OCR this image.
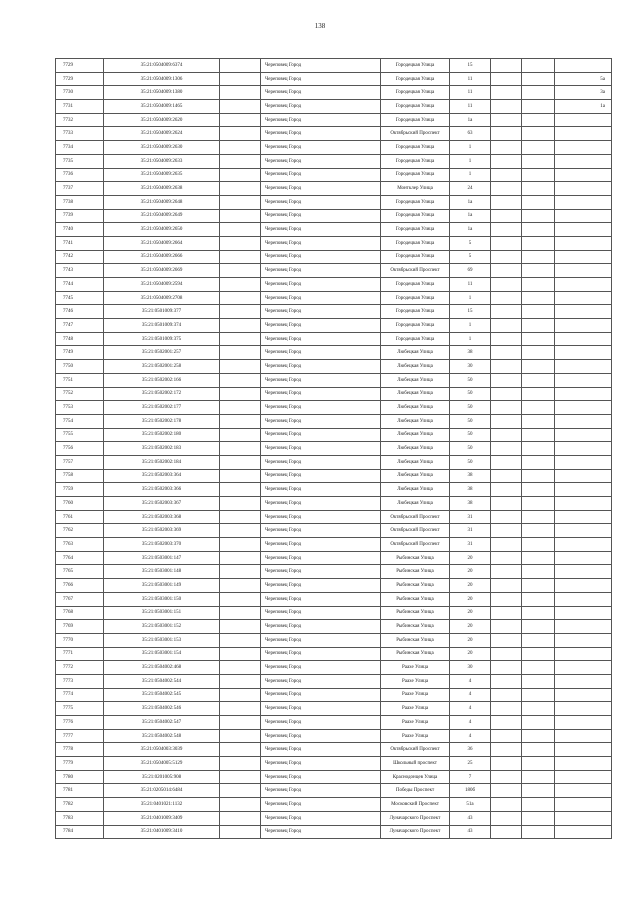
138
7729	35:21:0504009:6374		Череповец Город	Городецкая Улица	15			
7729	35:21:0504009:1306		Череповец Город	Городецкая Улица	11			5а
7730	35:21:0504009:1380		Череповец Город	Городецкая Улица	11			3а
7731	35:21:0504009:1465		Череповец Город	Городецкая Улица	11			1а
7732	35:21:0504009:2620		Череповец Город	Городецкая Улица	1а			
7733	35:21:0504009:2624		Череповец Город	Октябрьский Проспект	63			
7734	35:21:0504009:2630		Череповец Город	Городецкая Улица	1			
7735	35:21:0504009:2633		Череповец Город	Городецкая Улица	1			
7736	35:21:0504009:2635		Череповец Город	Городецкая Улица	1			
7737	35:21:0504009:2638		Череповец Город	Монтклер Улица	24			
7738	35:21:0504009:2648		Череповец Город	Городецкая Улица	1а			
7739	35:21:0504009:2649		Череповец Город	Городецкая Улица	1а			
7740	35:21:0504009:2650		Череповец Город	Городецкая Улица	1а			
7741	35:21:0504009:2664		Череповец Город	Городецкая Улица	5			
7742	35:21:0504009:2666		Череповец Город	Городецкая Улица	5			
7743	35:21:0504009:2669		Череповец Город	Октябрьский Проспект	69			
7744	35:21:0504009:2594		Череповец Город	Городецкая Улица	11			
7745	35:21:0504009:2708		Череповец Город	Городецкая Улица	1			
7746	35:21:0501009:377		Череповец Город	Городецкая Улица	15			
7747	35:21:0501009:374		Череповец Город	Городецкая Улица	1			
7748	35:21:0501009:375		Череповец Город	Городецкая Улица	1			
7749	35:21:0502001:257		Череповец Город	Любецкая Улица	38			
7750	35:21:0502001:258		Череповец Город	Любецкая Улица	30			
7751	35:21:0502002:166		Череповец Город	Любецкая Улица	50			
7752	35:21:0502002:172		Череповец Город	Любецкая Улица	50			
7753	35:21:0502002:177		Череповец Город	Любецкая Улица	50			
7754	35:21:0502002:178		Череповец Город	Любецкая Улица	50			
7755	35:21:0502002:180		Череповец Город	Любецкая Улица	50			
7756	35:21:0502002:183		Череповец Город	Любецкая Улица	50			
7757	35:21:0502002:184		Череповец Город	Любецкая Улица	50			
7758	35:21:0502003:364		Череповец Город	Любецкая Улица	38			
7759	35:21:0502003:366		Череповец Город	Любецкая Улица	38			
7760	35:21:0502003:367		Череповец Город	Любецкая Улица	38			
7761	35:21:0502003:368		Череповец Город	Октябрьский Проспект	31			
7762	35:21:0502003:369		Череповец Город	Октябрьский Проспект	31			
7763	35:21:0502003:370		Череповец Город	Октябрьский Проспект	31			
7764	35:21:0503001:147		Череповец Город	Рыбинская Улица	20			
7765	35:21:0503001:148		Череповец Город	Рыбинская Улица	20			
7766	35:21:0503001:149		Череповец Город	Рыбинская Улица	20			
7767	35:21:0503001:150		Череповец Город	Рыбинская Улица	20			
7768	35:21:0503001:151		Череповец Город	Рыбинская Улица	20			
7769	35:21:0503001:152		Череповец Город	Рыбинская Улица	20			
7770	35:21:0503001:153		Череповец Город	Рыбинская Улица	20			
7771	35:21:0503001:154		Череповец Город	Рыбинская Улица	20			
7772	35:21:0504002:468		Череповец Город	Раахе Улица	30			
7773	35:21:0504002:544		Череповец Город	Раахе Улица	4			
7774	35:21:0504002:545		Череповец Город	Раахе Улица	4			
7775	35:21:0504002:546		Череповец Город	Раахе Улица	4			
7776	35:21:0504002:547		Череповец Город	Раахе Улица	4			
7777	35:21:0504002:548		Череповец Город	Раахе Улица	4			
7778	35:21:0504003:3039		Череповец Город	Октябрьский Проспект	36			
7779	35:21:0504005:5129		Череповец Город	Школьный проспект	25			
7780	35:21:0201005:908		Череповец Город	Краснодонцев Улица	7			
7781	35:21:0205014:6484		Череповец Город	Победы Проспект	180б			
7782	35:21:0401021:1132		Череповец Город	Московский Проспект	51а			
7783	35:21:0401009:3409		Череповец Город	Луначарского Проспект	43			
7784	35:21:0401009:3410		Череповец Город	Луначарского Проспект	43			
